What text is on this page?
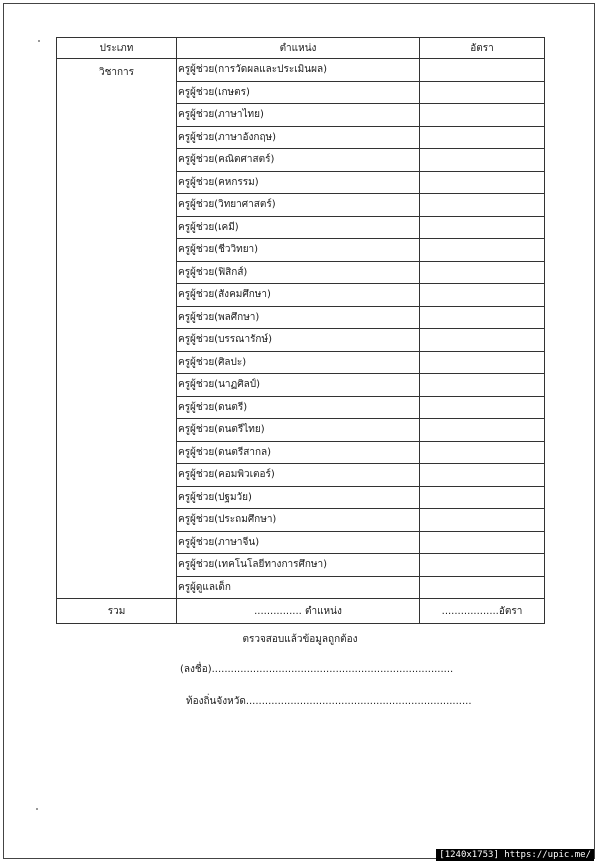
ประเภท	ตำแหน่ง	อัตรา
วิชาการ	ครูผู้ช่วย(การวัดผลและประเมินผล)	
	ครูผู้ช่วย(เกษตร)	
	ครูผู้ช่วย(ภาษาไทย)	
	ครูผู้ช่วย(ภาษาอังกฤษ)	
	ครูผู้ช่วย(คณิตศาสตร์)	
	ครูผู้ช่วย(คหกรรม)	
	ครูผู้ช่วย(วิทยาศาสตร์)	
	ครูผู้ช่วย(เคมี)	
	ครูผู้ช่วย(ชีววิทยา)	
	ครูผู้ช่วย(ฟิสิกส์)	
	ครูผู้ช่วย(สังคมศึกษา)	
	ครูผู้ช่วย(พลศึกษา)	
	ครูผู้ช่วย(บรรณารักษ์)	
	ครูผู้ช่วย(ศิลปะ)	
	ครูผู้ช่วย(นาฏศิลป์)	
	ครูผู้ช่วย(ดนตรี)	
	ครูผู้ช่วย(ดนตรีไทย)	
	ครูผู้ช่วย(ดนตรีสากล)	
	ครูผู้ช่วย(คอมพิวเตอร์)	
	ครูผู้ช่วย(ปฐมวัย)	
	ครูผู้ช่วย(ประถมศึกษา)	
	ครูผู้ช่วย(ภาษาจีน)	
	ครูผู้ช่วย(เทคโนโลยีทางการศึกษา)	
	ครูผู้ดูแลเด็ก	
รวม	............... ตำแหน่ง	..................อัตรา
ตรวจสอบแล้วข้อมูลถูกต้อง
(ลงชื่อ)............................................................................
ท้องถิ่นจังหวัด.......................................................................
[1240x1753] https://upic.me/
